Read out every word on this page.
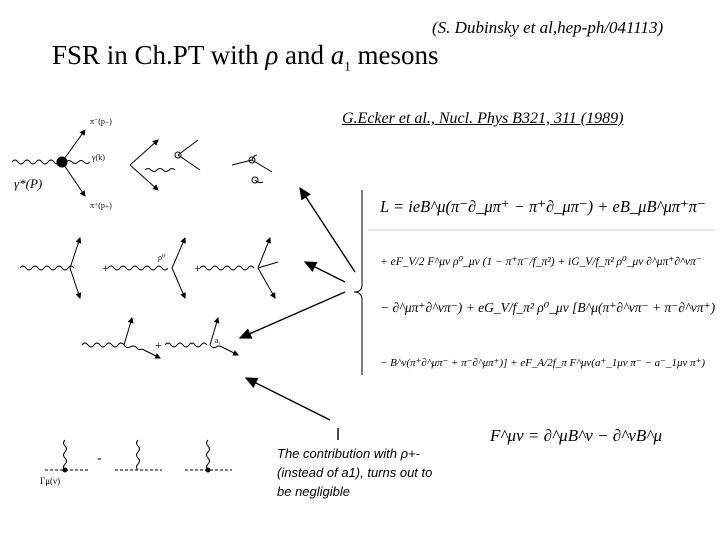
(S. Dubinsky et al,hep-ph/041113)
FSR in Ch.PT with ρ and $a_1$ mesons
G.Ecker et al., Nucl. Phys B321, 311 (1989)
+	+
+
-
γ*(P)
π⁻(p₋)
π⁺(p₊)
γ(k)
a₁
ρ⁰
Γμ(ν)
L = ieB^μ(π⁻∂_μπ⁺ − π⁺∂_μπ⁻) + eB_μB^μπ⁺π⁻
+ eF_V/2 F^μν ρ⁰_μν (1 − π⁺π⁻/f_π²) + iG_V/f_π² ρ⁰_μν ∂^μπ⁺∂^νπ⁻
− ∂^μπ⁺∂^νπ⁻) + eG_V/f_π² ρ⁰_μν [B^μ(π⁺∂^νπ⁻ + π⁻∂^νπ⁺)
− B^ν(π⁺∂^μπ⁻ + π⁻∂^μπ⁺)] + eF_A/2f_π F^μν(a⁺_1μν π⁻ − a⁻_1μν π⁺)
F^μν = ∂^μB^ν − ∂^νB^μ
The contribution with ρ+-
(instead of a1), turns out to
be negligible
